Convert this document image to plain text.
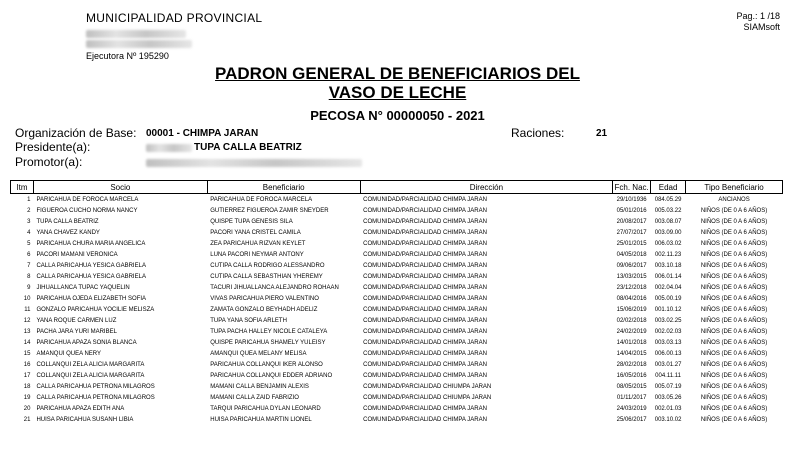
MUNICIPALIDAD PROVINCIAL
Ejecutora Nº 195290
Pag.: 1 /18
SIAMsoft
PADRON GENERAL DE BENEFICIARIOS DEL
VASO DE LECHE
PECOSA N° 00000050 - 2021
Organización de Base: 00001 - CHIMPA JARAN	Raciones:	21
Presidente(a):	TUPA CALLA BEATRIZ
Promotor(a):
Itm	Socio	Beneficiario	Dirección	Fch. Nac.	Edad	Tipo Beneficiario
1	PARICAHUA DE FOROCA MARCELA	PARICAHUA DE FOROCA MARCELA	COMUNIDAD/PARCIALIDAD CHIMPA JARAN	29/10/1936	084.05.29	ANCIANOS
2	FIGUEROA CUCHO NORMA NANCY	GUTIERREZ FIGUEROA ZAMIR SNEYDER	COMUNIDAD/PARCIALIDAD CHIMPA JARAN	05/01/2016	005.03.22	NIÑOS (DE 0 A 6 AÑOS)
3	TUPA CALLA BEATRIZ	QUISPE TUPA GENESIS SILA	COMUNIDAD/PARCIALIDAD CHIMPA JARAN	20/08/2017	003.08.07	NIÑOS (DE 0 A 6 AÑOS)
4	YANA CHAVEZ KANDY	PACORI YANA CRISTEL CAMILA	COMUNIDAD/PARCIALIDAD CHIMPA JARAN	27/07/2017	003.09.00	NIÑOS (DE 0 A 6 AÑOS)
5	PARICAHUA CHURA MARIA ANGELICA	ZEA PARICAHUA RIZVAN KEYLET	COMUNIDAD/PARCIALIDAD CHIMPA JARAN	25/01/2015	006.03.02	NIÑOS (DE 0 A 6 AÑOS)
6	PACORI MAMANI VERONICA	LUNA PACORI NEYMAR ANTONY	COMUNIDAD/PARCIALIDAD CHIMPA JARAN	04/05/2018	002.11.23	NIÑOS (DE 0 A 6 AÑOS)
7	CALLA PARICAHUA YESICA GABRIELA	CUTIPA CALLA RODRIGO ALESSANDRO	COMUNIDAD/PARCIALIDAD CHIMPA JARAN	09/06/2017	003.10.18	NIÑOS (DE 0 A 6 AÑOS)
8	CALLA PARICAHUA YESICA GABRIELA	CUTIPA CALLA SEBASTHIAN YHEREMY	COMUNIDAD/PARCIALIDAD CHIMPA JARAN	13/03/2015	006.01.14	NIÑOS (DE 0 A 6 AÑOS)
9	JIHUALLANCA TUPAC YAQUELIN	TACURI JIHUALLANCA ALEJANDRO ROHAAN	COMUNIDAD/PARCIALIDAD CHIMPA JARAN	23/12/2018	002.04.04	NIÑOS (DE 0 A 6 AÑOS)
10	PARICAHUA OJEDA ELIZABETH SOFIA	VIVAS PARICAHUA PIERO VALENTINO	COMUNIDAD/PARCIALIDAD CHIMPA JARAN	08/04/2016	005.00.19	NIÑOS (DE 0 A 6 AÑOS)
11	GONZALO PARICAHUA YOCILIE MELISZA	ZAMATA GONZALO BEYHADH ADELIZ	COMUNIDAD/PARCIALIDAD CHIMPA JARAN	15/06/2019	001.10.12	NIÑOS (DE 0 A 6 AÑOS)
12	YANA ROQUE CARMEN LUZ	TUPA YANA SOFIA ARLETH	COMUNIDAD/PARCIALIDAD CHIMPA JARAN	02/02/2018	003.02.25	NIÑOS (DE 0 A 6 AÑOS)
13	PACHA JARA YURI MARIBEL	TUPA PACHA HALLEY NICOLE CATALEYA	COMUNIDAD/PARCIALIDAD CHIMPA JARAN	24/02/2019	002.02.03	NIÑOS (DE 0 A 6 AÑOS)
14	PARICAHUA APAZA SONIA BLANCA	QUISPE PARICAHUA SHAMELY YULEISY	COMUNIDAD/PARCIALIDAD CHIMPA JARAN	14/01/2018	003.03.13	NIÑOS (DE 0 A 6 AÑOS)
15	AMANQUI QUEA NERY	AMANQUI QUEA MELANY MELISA	COMUNIDAD/PARCIALIDAD CHIMPA JARAN	14/04/2015	006.00.13	NIÑOS (DE 0 A 6 AÑOS)
16	COLLANQUI ZELA ALICIA MARGARITA	PARICAHUA COLLANQUI IKER ALONSO	COMUNIDAD/PARCIALIDAD CHIMPA JARAN	28/02/2018	003.01.27	NIÑOS (DE 0 A 6 AÑOS)
17	COLLANQUI ZELA ALICIA MARGARITA	PARICAHUA COLLANQUI EDDER ADRIANO	COMUNIDAD/PARCIALIDAD CHIMPA JARAN	16/05/2016	004.11.11	NIÑOS (DE 0 A 6 AÑOS)
18	CALLA PARICAHUA PETRONA MILAGROS	MAMANI CALLA BENJAMIN ALEXIS	COMUNIDAD/PARCIALIDAD CHIUMPA JARAN	08/05/2015	005.07.19	NIÑOS (DE 0 A 6 AÑOS)
19	CALLA PARICAHUA PETRONA MILAGROS	MAMANI CALLA ZAID FABRIZIO	COMUNIDAD/PARCIALIDAD CHIUMPA JARAN	01/11/2017	003.05.26	NIÑOS (DE 0 A 6 AÑOS)
20	PARICAHUA APAZA EDITH ANA	TARQUI PARICAHUA DYLAN LEONARD	COMUNIDAD/PARCIALIDAD CHIMPA JARAN	24/03/2019	002.01.03	NIÑOS (DE 0 A 6 AÑOS)
21	HUISA PARICAHUA SUSANH LIBIA	HUISA PARICAHUA MARTIN LIONEL	COMUNIDAD/PARCIALIDAD CHIMPA JARAN	25/06/2017	003.10.02	NIÑOS (DE 0 A 6 AÑOS)
